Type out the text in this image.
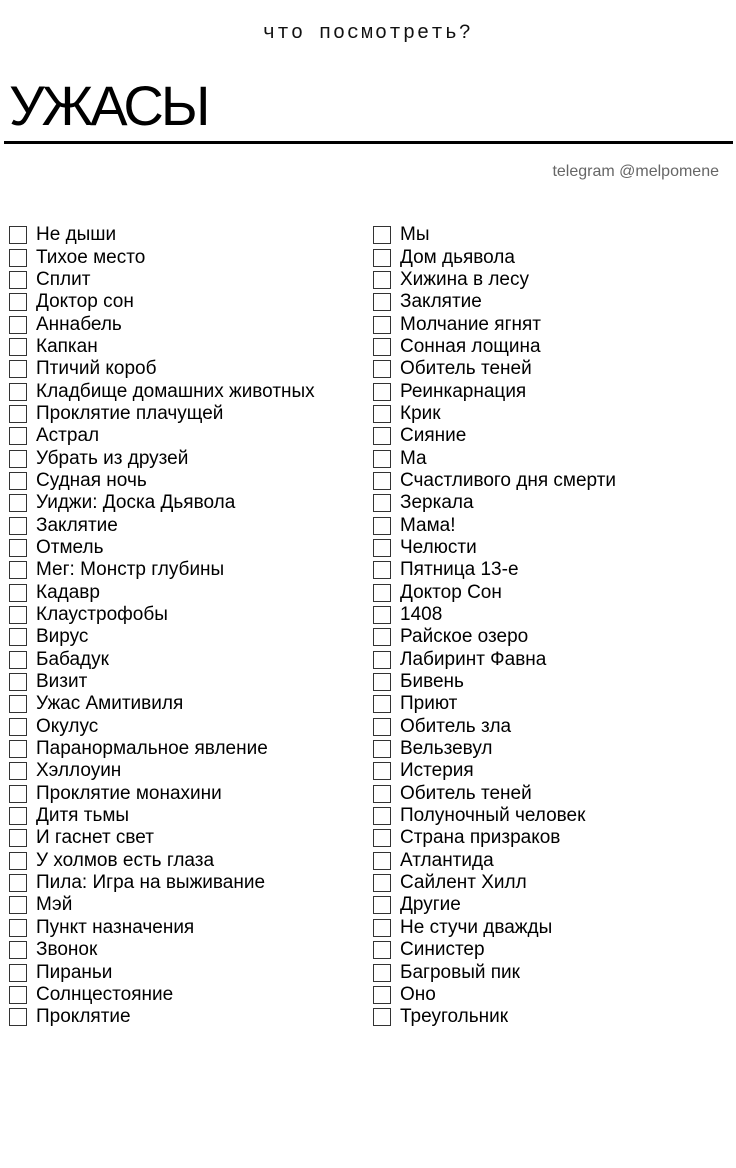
что посмотреть?
УЖАСЫ
telegram @melpomene
Не дыши
Тихое место
Сплит
Доктор сон
Аннабель
Капкан
Птичий короб
Кладбище домашних животных
Проклятие плачущей
Астрал
Убрать из друзей
Судная ночь
Уиджи: Доска Дьявола
Заклятие
Отмель
Мег: Монстр глубины
Кадавр
Клаустрофобы
Вирус
Бабадук
Визит
Ужас Амитивиля
Окулус
Паранормальное явление
Хэллоуин
Проклятие монахини
Дитя тьмы
И гаснет свет
У холмов есть глаза
Пила: Игра на выживание
Мэй
Пункт назначения
Звонок
Пираньи
Солнцестояние
Проклятие
Мы
Дом дьявола
Хижина в лесу
Заклятие
Молчание ягнят
Сонная лощина
Обитель теней
Реинкарнация
Крик
Сияние
Ма
Счастливого дня смерти
Зеркала
Мама!
Челюсти
Пятница 13-е
Доктор Сон
1408
Райское озеро
Лабиринт Фавна
Бивень
Приют
Обитель зла
Вельзевул
Истерия
Обитель теней
Полуночный человек
Страна призраков
Атлантида
Сайлент Хилл
Другие
Не стучи дважды
Синистер
Багровый пик
Оно
Треугольник
